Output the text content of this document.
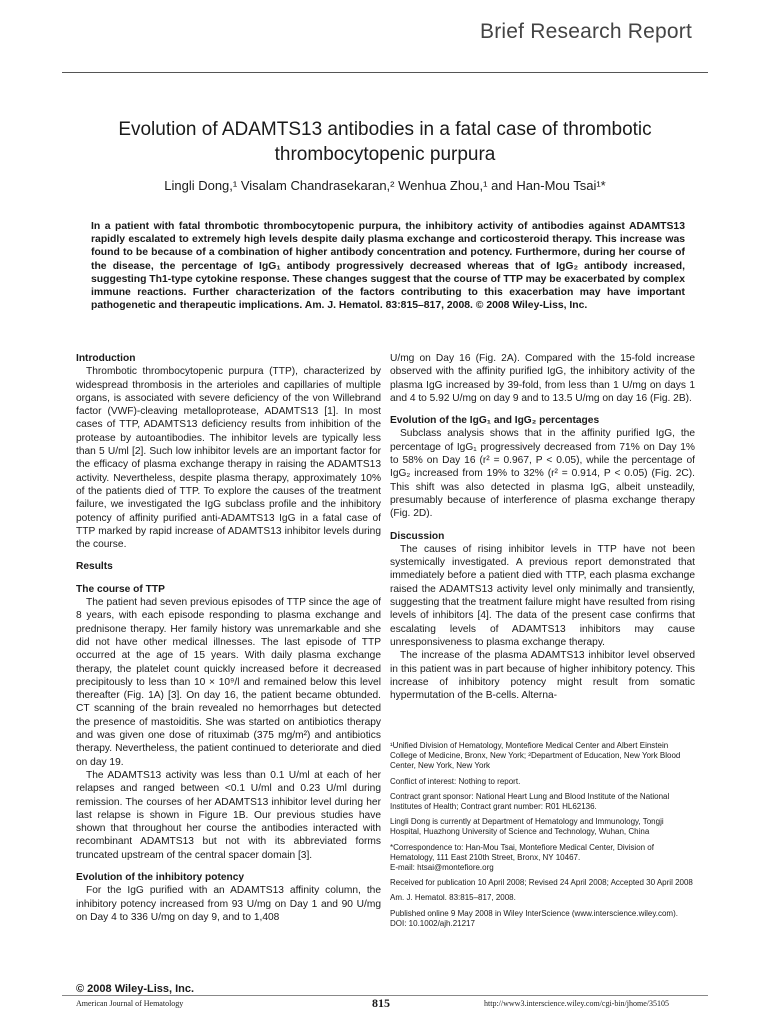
Brief Research Report
Evolution of ADAMTS13 antibodies in a fatal case of thrombotic
thrombocytopenic purpura
Lingli Dong,¹ Visalam Chandrasekaran,² Wenhua Zhou,¹ and Han-Mou Tsai¹*
In a patient with fatal thrombotic thrombocytopenic purpura, the inhibitory activity of antibodies against ADAMTS13 rapidly escalated to extremely high levels despite daily plasma exchange and corticosteroid therapy. This increase was found to be because of a combination of higher antibody concentration and potency. Furthermore, during her course of the disease, the percentage of IgG₁ antibody progressively decreased whereas that of IgG₂ antibody increased, suggesting Th1-type cytokine response. These changes suggest that the course of TTP may be exacerbated by complex immune reactions. Further characterization of the factors contributing to this exacerbation may have important pathogenetic and therapeutic implications. Am. J. Hematol. 83:815–817, 2008. © 2008 Wiley-Liss, Inc.
Introduction

Thrombotic thrombocytopenic purpura (TTP), characterized by widespread thrombosis in the arterioles and capillaries of multiple organs, is associated with severe deficiency of the von Willebrand factor (VWF)-cleaving metalloprotease, ADAMTS13 [1]. In most cases of TTP, ADAMTS13 deficiency results from inhibition of the protease by autoantibodies. The inhibitor levels are typically less than 5 U/ml [2]. Such low inhibitor levels are an important factor for the efficacy of plasma exchange therapy in raising the ADAMTS13 activity. Nevertheless, despite plasma therapy, approximately 10% of the patients died of TTP. To explore the causes of the treatment failure, we investigated the IgG subclass profile and the inhibitory potency of affinity purified anti-ADAMTS13 IgG in a fatal case of TTP marked by rapid increase of ADAMTS13 inhibitor levels during the course.

Results
The course of TTP

The patient had seven previous episodes of TTP since the age of 8 years, with each episode responding to plasma exchange and prednisone therapy. Her family history was unremarkable and she did not have other medical illnesses. The last episode of TTP occurred at the age of 15 years. With daily plasma exchange therapy, the platelet count quickly increased before it decreased precipitously to less than 10 × 10⁹/l and remained below this level thereafter (Fig. 1A) [3]. On day 16, the patient became obtunded. CT scanning of the brain revealed no hemorrhages but detected the presence of mastoiditis. She was started on antibiotics therapy and was given one dose of rituximab (375 mg/m²) and antibiotics therapy. Nevertheless, the patient continued to deteriorate and died on day 19.

The ADAMTS13 activity was less than 0.1 U/ml at each of her relapses and ranged between <0.1 U/ml and 0.23 U/ml during remission. The courses of her ADAMTS13 inhibitor level during her last relapse is shown in Figure 1B. Our previous studies have shown that throughout her course the antibodies interacted with recombinant ADAMTS13 but not with its abbreviated forms truncated upstream of the central spacer domain [3].

Evolution of the inhibitory potency

For the IgG purified with an ADAMTS13 affinity column, the inhibitory potency increased from 93 U/mg on Day 1 and 90 U/mg on Day 4 to 336 U/mg on day 9, and to 1,408

U/mg on Day 16 (Fig. 2A). Compared with the 15-fold increase observed with the affinity purified IgG, the inhibitory activity of the plasma IgG increased by 39-fold, from less than 1 U/mg on days 1 and 4 to 5.92 U/mg on day 9 and to 13.5 U/mg on day 16 (Fig. 2B).

Evolution of the IgG₁ and IgG₂ percentages

Subclass analysis shows that in the affinity purified IgG, the percentage of IgG₁ progressively decreased from 71% on Day 1% to 58% on Day 16 (r² = 0.967, P < 0.05), while the percentage of IgG₂ increased from 19% to 32% (r² = 0.914, P < 0.05) (Fig. 2C). This shift was also detected in plasma IgG, albeit unsteadily, presumably because of interference of plasma exchange therapy (Fig. 2D).

Discussion

The causes of rising inhibitor levels in TTP have not been systemically investigated. A previous report demonstrated that immediately before a patient died with TTP, each plasma exchange raised the ADAMTS13 activity level only minimally and transiently, suggesting that the treatment failure might have resulted from rising levels of inhibitors [4]. The data of the present case confirms that escalating levels of ADAMTS13 inhibitors may cause unresponsiveness to plasma exchange therapy.

The increase of the plasma ADAMTS13 inhibitor level observed in this patient was in part because of higher inhibitory potency. This increase of inhibitory potency might result from somatic hypermutation of the B-cells. Alterna-

¹Unified Division of Hematology, Montefiore Medical Center and Albert Einstein College of Medicine, Bronx, New York; ²Department of Education, New York Blood Center, New York, New York

Conflict of interest: Nothing to report.

Contract grant sponsor: National Heart Lung and Blood Institute of the National Institutes of Health; Contract grant number: R01 HL62136.

Lingli Dong is currently at Department of Hematology and Immunology, Tongji Hospital, Huazhong University of Science and Technology, Wuhan, China

*Correspondence to: Han-Mou Tsai, Montefiore Medical Center, Division of Hematology, 111 East 210th Street, Bronx, NY 10467.

E-mail: htsai@montefiore.org

Received for publication 10 April 2008; Revised 24 April 2008; Accepted 30 April 2008

Am. J. Hematol. 83:815–817, 2008.

Published online 9 May 2008 in Wiley InterScience (www.interscience.wiley.com).

DOI: 10.1002/ajh.21217

© 2008 Wiley-Liss, Inc.
American Journal of Hematology	815	http://www3.interscience.wiley.com/cgi-bin/jhome/35105
